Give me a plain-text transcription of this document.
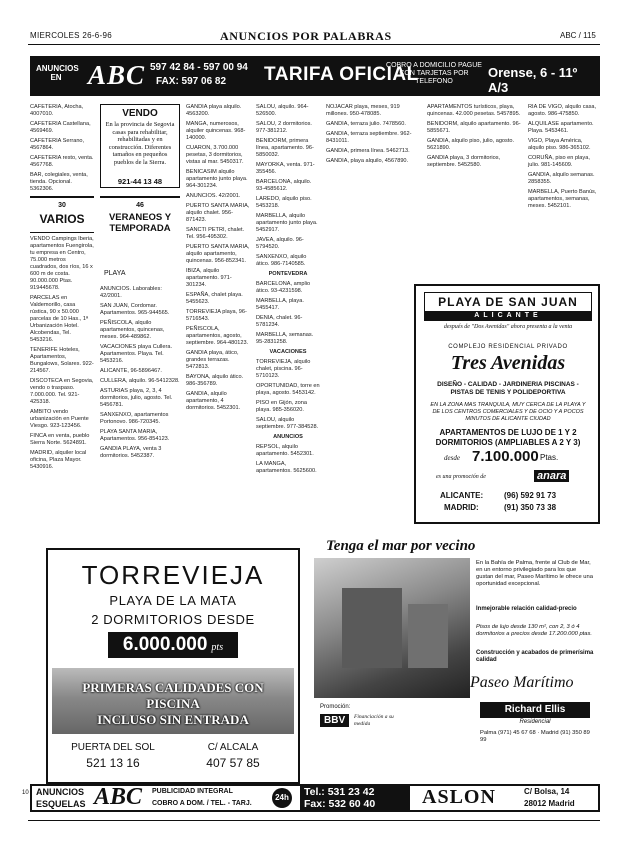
MIERCOLES 26-6-96	ANUNCIOS POR PALABRAS	ABC / 115
ANUNCIOS EN ABC 597 42 84 - 597 00 94
FAX: 597 06 82 TARIFA OFICIAL
COBRO A DOMICILIO PAGUE CON TARJETAS POR TELEFONO
Orense, 6 - 11º A/3

CAFETERIA, Atocha, 4007010.

CAFETERIA Castellana, 4569469.

CAFETERIA Serrano, 4567864.

CAFETERIA resto, venta. 4567768.

BAR, colegiales, venta, tienda. Opcional. 5362306.

30
VARIOS

VENDO Campings Iberia, apartamentos Fuengirola, tu empresa en Centro, 75.000 metros cuadrados, dos ríos, 16 x 600 m de costa. 90.000.000 Ptas. 919445678.

PARCELAS en Valdemorillo, casa rústica, 90 x 50.000 parcelas de 10 Has., 1ª Urbanización Hotel. Alcobendas, Tel. 5453216.

TENERIFE Hoteles, Apartamentos, Bungalows, Solares. 922-214567.

DISCOTECA en Segovia, vendo o traspaso. 7.000.000. Tel. 921-425318.

AMBITO vendo urbanización en Puente Viesgo. 923-123456.

FINCA en venta, pueblo Sierra Norte. 5624891.

MADRID, alquiler local oficina, Plaza Mayor. 5430916.

VENDO
En la provincia de Segovia casas para rehabilitar, rehabilitadas y en construcción. Diferentes tamaños en pequeños pueblos de la Sierra.
921-44 13 48
46
VERANEOS Y TEMPORADA
PLAYA

ANUNCIOS. Laborables: 42/2001.

SAN JUAN, Cordomar. Apartamentos. 965-944565.

PEÑISCOLA, alquilo apartamentos, quincenas, meses. 964-489862.

VACACIONES playa Cullera. Apartamentos. Playa. Tel. 5453216.

ALICANTE, 96-5896467.

CULLERA, alquilo. 96-5412328.

ASTURIAS playa, 2, 3, 4 dormitorios, julio, agosto. Tel. 5456781.

SANXENXO, apartamentos Portonovo. 986-720345.

PLAYA SANTA MARIA, Apartamentos. 956-854123.

GANDIA PLAYA, venta 3 dormitorios. 5452387.

GANDIA playa alquilo. 4563200.

MANGA, numerosos, alquiler quincenas. 968-140000.

CUARON, 3.700.000 pesetas, 3 dormitorios, vistas al mar. 5450317.

BENICASIM alquilo apartamento junto playa. 964-301234.

ANUNCIOS. 42/2001.

PUERTO SANTA MARIA, alquilo chalet. 956-871423.

SANCTI PETRI, chalet. Tel. 956-495302.

PUERTO SANTA MARIA, alquilo apartamento, quincenas. 956-852341.

IBIZA, alquilo apartamento. 971-301234.

ESPAÑA, chalet playa. 5455623.

TORREVIEJA playa, 96-5716543.

PEÑISCOLA, apartamentos, agosto, septiembre. 964-480123.

GANDIA playa, ático, grandes terrazas. 5472813.

BAYONA, alquilo ático. 986-356789.

GANDIA, alquilo apartamento, 4 dormitorios. 5452301.

SALOU, alquilo. 964-526500.

SALOU, 2 dormitorios. 977-381212.

BENIDORM, primera línea, apartamento. 96-5850032.

MAYORKA, venta. 971-355456.

BARCELONA, alquilo. 93-4585612.

LAREDO, alquilo piso. 5453218.

MARBELLA, alquilo apartamento junto playa. 5452917.

JAVEA, alquilo. 96-5794520.

SANXENXO, alquilo ático. 986-7140585.

PONTEVEDRA

BARCELONA, amplio ático. 93-4231598.

MARBELLA, playa. 5455417.

DENIA, chalet. 96-5781234.

MARBELLA, semanas. 95-2831258.

VACACIONES

TORREVIEJA, alquilo chalet, piscina. 96-5710123.

OPORTUNIDAD, torre en playa, agosto. 5453142.

PISO en Gijón, zona playa. 985-356020.

SALOU, alquilo septiembre. 977-384528.

ANUNCIOS

REPSOL, alquilo apartamento. 5452301.

LA MANGA, apartamentos. 5625600.

NOJACAR playa, meses, 919 millones. 950-478085.

GANDIA, terraza julio. 7478560.

GANDIA, terraza septiembre. 962-8431011.

GANDIA, primera línea. 5462713.

GANDIA, playa alquilo, 4567890.

APARTAMENTOS turísticos, playa, quincenas. 42.000 pesetas. 5457895.

BENIDORM, alquilo apartamento. 96-5855671.

GANDIA, alquilo piso, julio, agosto. 5621890.

GANDIA playa, 3 dormitorios, septiembre. 5452580.

RIA DE VIGO, alquilo casa, agosto. 986-475850.

ALQUILASE apartamento. Playa. 5453461.

VIGO, Playa América, alquilo piso. 986-365102.

CORUÑA, piso en playa, julio. 981-145609.

GANDIA, alquilo semanas. 2858355.

MARBELLA, Puerto Banús, apartamentos, semanas, meses. 5452101.

PLAYA DE SAN JUAN
ALICANTE
después de "Dos Avenidas" ahora presenta a la venta
COMPLEJO RESIDENCIAL PRIVADO
Tres Avenidas
DISEÑO - CALIDAD - JARDINERIA PISCINAS - PISTAS DE TENIS Y POLIDEPORTIVA
EN LA ZONA MAS TRANQUILA, MUY CERCA DE LA PLAYA Y DE LOS CENTROS COMERCIALES Y DE OCIO Y A POCOS MINUTOS DE ALICANTE CIUDAD
APARTAMENTOS DE LUJO DE 1 Y 2 DORMITORIOS (AMPLIABLES A 2 Y 3)
desde 7.100.000 Ptas.
es una promoción de	anara
ALICANTE:	(96) 592 91 73
MADRID:	(91) 350 73 38
TORREVIEJA
PLAYA DE LA MATA
2 DORMITORIOS DESDE
6.000.000 pts
PRIMERAS CALIDADES CON
PISCINA
INCLUSO SIN ENTRADA
PUERTA DEL SOL
521 13 16
C/ ALCALA
407 57 85
Tenga el mar por vecino
En la Bahía de Palma, frente al Club de Mar, en un entorno privilegiado para los que gustan del mar, Paseo Marítimo le ofrece una oportunidad excepcional.
Inmejorable relación calidad-precio
Pisos de lujo desde 130 m², con 2, 3 ó 4 dormitorios a precios desde 17.200.000 ptas.
Construcción y acabados de primerísima calidad
Paseo Marítimo
Promoción:
BBV	Financiación a su medida
Richard Ellis
Residencial
Palma (971) 45 67 68 · Madrid (91) 350 89 99
10 ANUNCIOS
ESQUELAS ABC PUBLICIDAD INTEGRAL
COBRO A DOM. / TEL. - TARJ.
24h Tel.: 531 23 42
Fax: 532 60 40 ASLON	C/ Bolsa, 14
28012 Madrid
